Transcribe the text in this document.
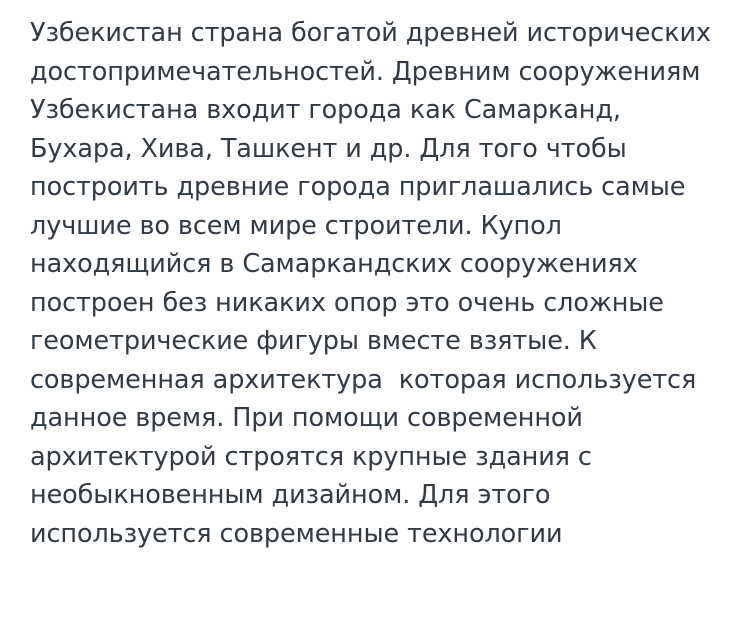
Узбекистан страна богатой древней исторических достопримечательностей. Древним сооружениям Узбекистана входит города как Самарканд, Бухара, Хива, Ташкент и др. Для того чтобы построить древние города приглашались самые лучшие во всем мире строители. Купол находящийся в Самаркандских сооружениях построен без никаких опор это очень сложные геометрические фигуры вместе взятые. К современная архитектура  которая используется данное время. При помощи современной архитектурой строятся крупные здания с необыкновенным дизайном. Для этого используется современные технологии
